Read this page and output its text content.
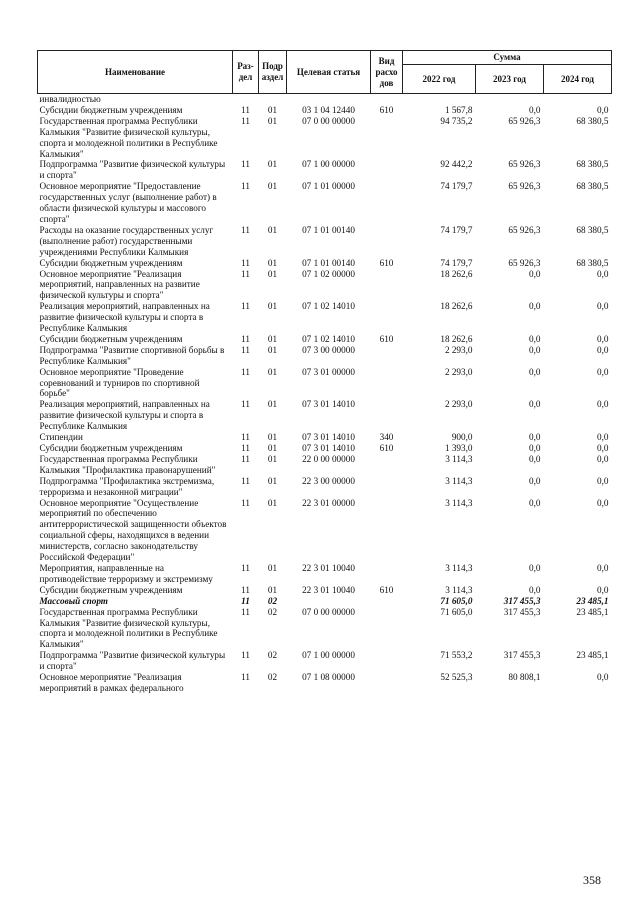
Наименование	Раз-дел	Подр аздел	Целевая статья	Вид расхо дов	Сумма		
					2022 год	2023 год	2024 год
инвалидностью							
Субсидии бюджетным учреждениям	11	01	03 1 04 12440	610	1 567,8	0,0	0,0
Государственная программа Республики Калмыкия "Развитие физической культуры, спорта и молодежной политики в Республике Калмыкия"	11	01	07 0 00 00000		94 735,2	65 926,3	68 380,5
Подпрограмма "Развитие физической культуры и спорта"	11	01	07 1 00 00000		92 442,2	65 926,3	68 380,5
Основное мероприятие "Предоставление государственных услуг (выполнение работ) в области физической культуры и массового спорта"	11	01	07 1 01 00000		74 179,7	65 926,3	68 380,5
Расходы на оказание государственных услуг (выполнение работ) государственными учреждениями Республики Калмыкия	11	01	07 1 01 00140		74 179,7	65 926,3	68 380,5
Субсидии бюджетным учреждениям	11	01	07 1 01 00140	610	74 179,7	65 926,3	68 380,5
Основное мероприятие "Реализация мероприятий, направленных на развитие физической культуры и спорта"	11	01	07 1 02 00000		18 262,6	0,0	0,0
Реализация мероприятий, направленных на развитие физической культуры и спорта в Республике Калмыкия	11	01	07 1 02 14010		18 262,6	0,0	0,0
Субсидии бюджетным учреждениям	11	01	07 1 02 14010	610	18 262,6	0,0	0,0
Подпрограмма "Развитие спортивной борьбы в Республике Калмыкия"	11	01	07 3 00 00000		2 293,0	0,0	0,0
Основное мероприятие "Проведение соревнований и турниров по спортивной борьбе"	11	01	07 3 01 00000		2 293,0	0,0	0,0
Реализация мероприятий, направленных на развитие физической культуры и спорта в Республике Калмыкия	11	01	07 3 01 14010		2 293,0	0,0	0,0
Стипендии	11	01	07 3 01 14010	340	900,0	0,0	0,0
Субсидии бюджетным учреждениям	11	01	07 3 01 14010	610	1 393,0	0,0	0,0
Государственная программа Республики Калмыкия "Профилактика правонарушений"	11	01	22 0 00 00000		3 114,3	0,0	0,0
Подпрограмма "Профилактика экстремизма, терроризма и незаконной миграции"	11	01	22 3 00 00000		3 114,3	0,0	0,0
Основное мероприятие "Осуществление мероприятий по обеспечению антитеррористической защищенности объектов социальной сферы, находящихся в ведении министерств, согласно законодательству Российской Федерации"	11	01	22 3 01 00000		3 114,3	0,0	0,0
Мероприятия, направленные на противодействие терроризму и экстремизму	11	01	22 3 01 10040		3 114,3	0,0	0,0
Субсидии бюджетным учреждениям	11	01	22 3 01 10040	610	3 114,3	0,0	0,0
Массовый спорт	11	02			71 605,0	317 455,3	23 485,1
Государственная программа Республики Калмыкия "Развитие физической культуры, спорта и молодежной политики в Республике Калмыкия"	11	02	07 0 00 00000		71 605,0	317 455,3	23 485,1
Подпрограмма "Развитие физической культуры и спорта"	11	02	07 1 00 00000		71 553,2	317 455,3	23 485,1
Основное мероприятие "Реализация мероприятий в рамках федерального	11	02	07 1 08 00000		52 525,3	80 808,1	0,0
358
